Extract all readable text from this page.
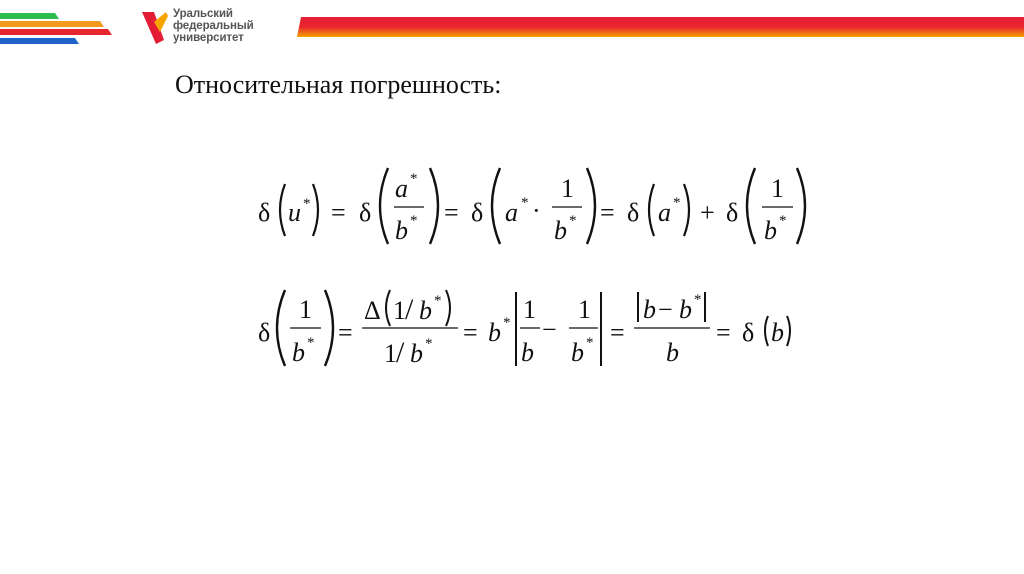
Уральский
федеральный
университет
Относительная погрешность:
δ u * = δ
a *
b * = δ a * ·
1
b * = δ a * + δ
1
b *
δ
1
b * =
Δ 1 / b *
1 / b * = b * 1
b
−
1
b * =
b − b *
b
= δ b
